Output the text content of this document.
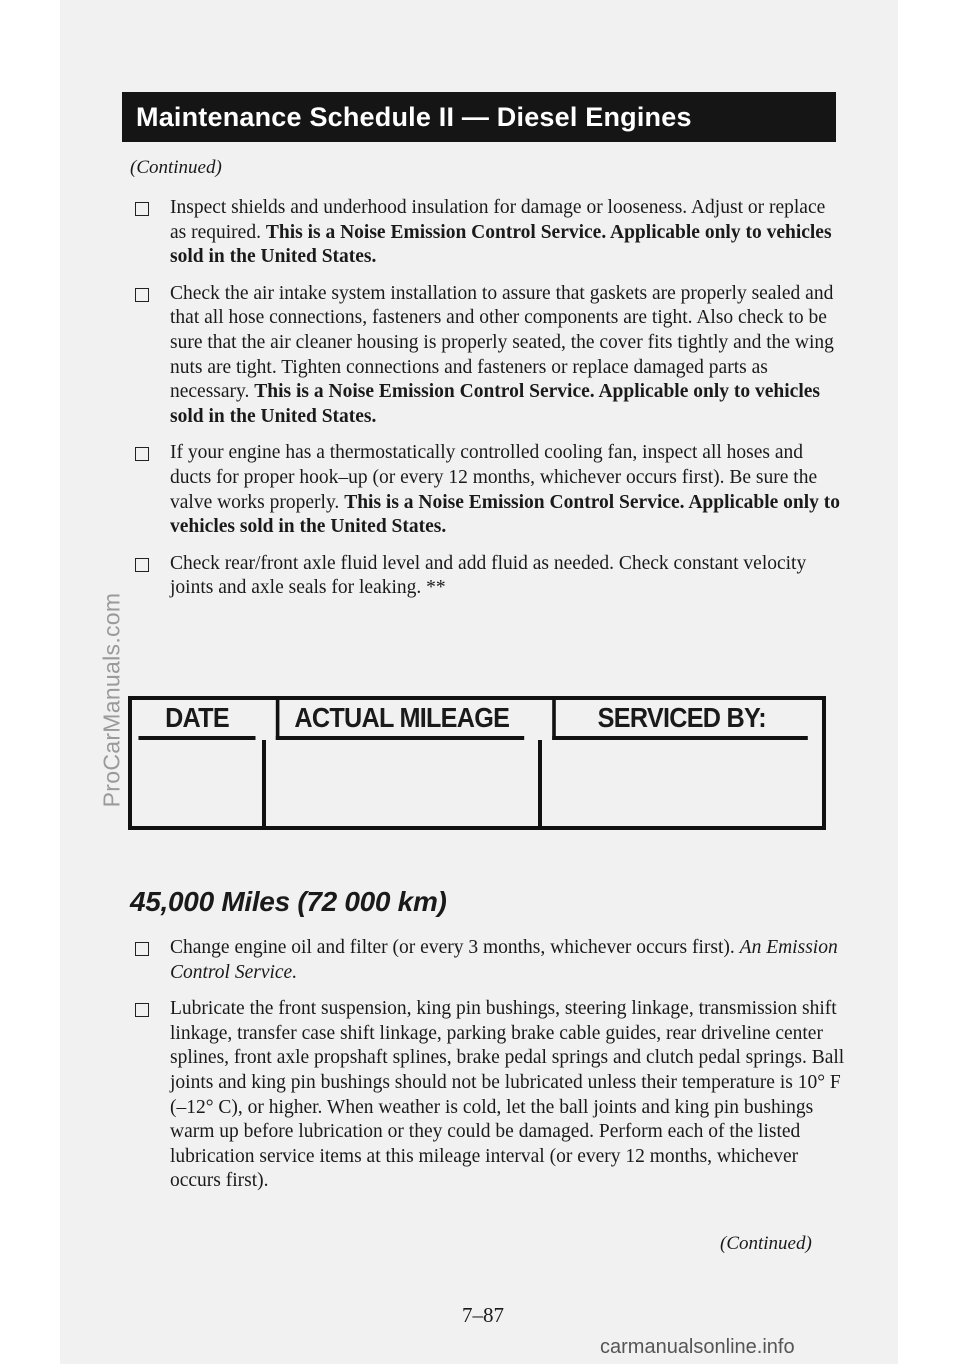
ProCarManuals.com
Maintenance Schedule II — Diesel Engines
(Continued)
Inspect shields and underhood insulation for damage or looseness. Adjust or replace as required. This is a Noise Emission Control Service. Applicable only to vehicles sold in the United States.
Check the air intake system installation to assure that gaskets are properly sealed and that all hose connections, fasteners and other components are tight. Also check to be sure that the air cleaner housing is properly seated, the cover fits tightly and the wing nuts are tight. Tighten connections and fasteners or replace damaged parts as necessary. This is a Noise Emission Control Service. Applicable only to vehicles sold in the United States.
If your engine has a thermostatically controlled cooling fan, inspect all hoses and ducts for proper hook–up (or every 12 months, whichever occurs first). Be sure the valve works properly. This is a Noise Emission Control Service. Applicable only to vehicles sold in the United States.
Check rear/front axle fluid level and add fluid as needed. Check constant velocity joints and axle seals for leaking. **
DATE	ACTUAL MILEAGE	SERVICED BY:
45,000 Miles (72 000 km)
Change engine oil and filter (or every 3 months, whichever occurs first). An Emission Control Service.
Lubricate the front suspension, king pin bushings, steering linkage, transmission shift linkage, transfer case shift linkage, parking brake cable guides, rear driveline center splines, front axle propshaft splines, brake pedal springs and clutch pedal springs. Ball joints and king pin bushings should not be lubricated unless their temperature is 10° F (–12° C), or higher. When weather is cold, let the ball joints and king pin bushings warm up before lubrication or they could be damaged. Perform each of the listed lubrication service items at this mileage interval (or every 12 months, whichever occurs first).
(Continued)
7–87
carmanualsonline.info
